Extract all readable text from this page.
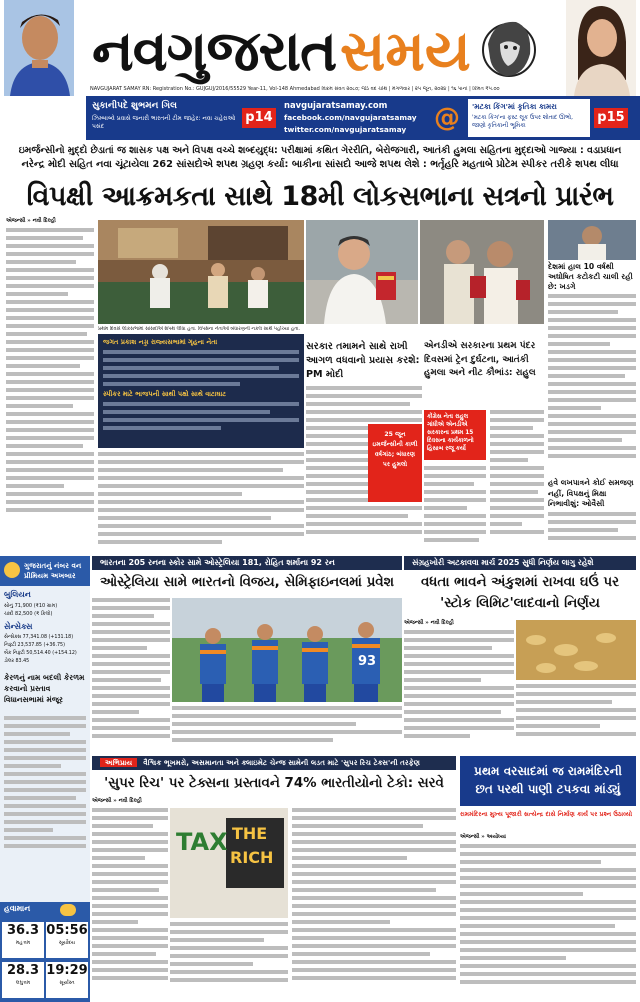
નવગુજરાત સમય
NAVGUJARAT SAMAY RN: Registration No.: GUJGUJ/2016/55529 Year-11, Vol-148 Ahmedabad વિક્રમ સંવત ૨૦૮૦; જેઠ વદ ચોથ | મંગળવાર | ૨૫ જૂન, ૨૦૨૪ | ૧૬ પાનાં | કિંમત ₹૫.૦૦
સુકાનીપદે શુભમન ગિલ
ઝિમ્બાબ્વે પ્રવાસે જનારી ભારતની ટીમ જાહેર: નવા ચહેરાઓ પસંદ
p14
navgujaratsamay.com
facebook.com/navgujaratsamay
twitter.com/navgujaratsamay	@ 'મટકા કિંગ'માં કૃતિકા કામરા
'મટકા કિંગ'ના ફસ્ટ લૂક ઉપર શોતાદ ઊભો, જાણો કૃતિકાની ભૂમિકા
p15
ઇમર્જન્સીનો મુદ્દો છેડાતાં જ શાસક પક્ષ અને વિપક્ષ વચ્ચે શબ્દયુદ્ધ: પરીક્ષામાં કથિત ગેરરીતિ, બેરોજગારી, આતંકી હુમલા સહિતના મુદ્દાઓ ગાજ્યા : વડાપ્રધાન
નરેન્દ્ર મોદી સહિત નવા ચૂંટાયેલા 262 સાંસદોએ શપથ ગ્રહણ કર્યા: બાકીના સાંસદો આજે શપથ લેશે : ભર્તૃહરિ મહતાબે પ્રોટેમ સ્પીકર તરીકે શપથ લીધા
વિપક્ષી આક્રમકતા સાથે 18મી લોકસભાના સત્રનો પ્રારંભ
એજન્સી » નવી દિલ્હી
પ્રથમ દિવસે લોકસભામાં સાંસદોએ શપથ લીધા હતા. વિપક્ષના નેતાઓ બંધારણની નકલ સાથે પહોંચ્યા હતા.
જગત પ્રકાશ નડ્ડા રાજ્યસભામાં ગૃહના નેતા
સ્પીકર માટે ભાજપની સાથી પક્ષો સાથે વાટાઘાટ
સરકાર તમામને સાથે રાખી આગળ વધવાનો પ્રયાસ કરશે: PM મોદી
25 જૂન ઇમર્જન્સીની કાળી વર્ષગાંઠ; બંધારણ પર હુમલો
એનડીએ સરકારના પ્રથમ પંદર દિવસમાં ટ્રેન દુર્ઘટના, આતંકી હુમલા અને નીટ કૌભાંડ: રાહુલ
કોંગ્રેસ નેતા રાહુલ ગાંધીએ એનડીએ સરકારના પ્રથમ 15 દિવસના કાર્યકાળનો હિસાબ રજૂ કર્યો
દેશમાં હાલ 10 વર્ષથી અઘોષિત કટોકટી ચાલી રહી છે: ખડગે
હવે લખપાત્રને કોઈ સમજણ નહીં, વિપક્ષનું મિક્ષા નિભાવીશું: ઓવૈસી
ગુજરાતનું નંબર વન પ્રીમિયમ અખબાર
બુલિયન
સોનું 71,900 (₹10 ગ્રામ)
ચાંદી 82,500 (₹ કિલો)
સેન્સેક્સ
સેન્સેક્સ 77,341.08 (+131.18)
નિફ્ટી 23,537.85 (+36.75)
બેંક નિફ્ટી 50,514.40 (+154.12)
ડોલર 83.45
કેરળનું નામ બદલી કેરળમ કરવાનો પ્રસ્તાવ વિધાનસભામાં મંજૂર
હવામાન
36.3
મહત્તમ
05:56
સૂર્યોદય
28.3
લઘુત્તમ
19:29
સૂર્યાસ્ત
ભારતના 205 રનના સ્કોર સામે ઓસ્ટ્રેલિયા 181, રોહિત શર્માના 92 રન
ઓસ્ટ્રેલિયા સામે ભારતનો વિજય, સેમિફાઇનલમાં પ્રવેશ
93
સંગ્રહખોરી અટકાવવા માર્ચ 2025 સુધી નિર્ણય લાગુ રહેશે
વધતા ભાવને અંકુશમાં રાખવા ઘઉં પર 'સ્ટોક લિમિટ'લાદવાનો નિર્ણય
એજન્સી » નવી દિલ્હી
અભિપ્રાય વૈશ્વિક ભૂખમરો, અસમાનતા અને ક્લાઇમેટ ચેન્જ સામેની લડત માટે 'સુપર રિચ ટેક્સ'ની તરફેણ
'સુપર રિચ' પર ટેક્સના પ્રસ્તાવને 74% ભારતીયોનો ટેકો: સરવે
એજન્સી » નવી દિલ્હી
TAX THE
RICH
પ્રથમ વરસાદમાં જ રામમંદિરની છત પરથી પાણી ટપકવા માંડ્યું
રામમંદિરના મુખ્ય પૂજારી સત્યેન્દ્ર દાસે નિર્માણ કાર્ય પર પ્રશ્ન ઉઠાવ્યો
એજન્સી » અયોધ્યા
